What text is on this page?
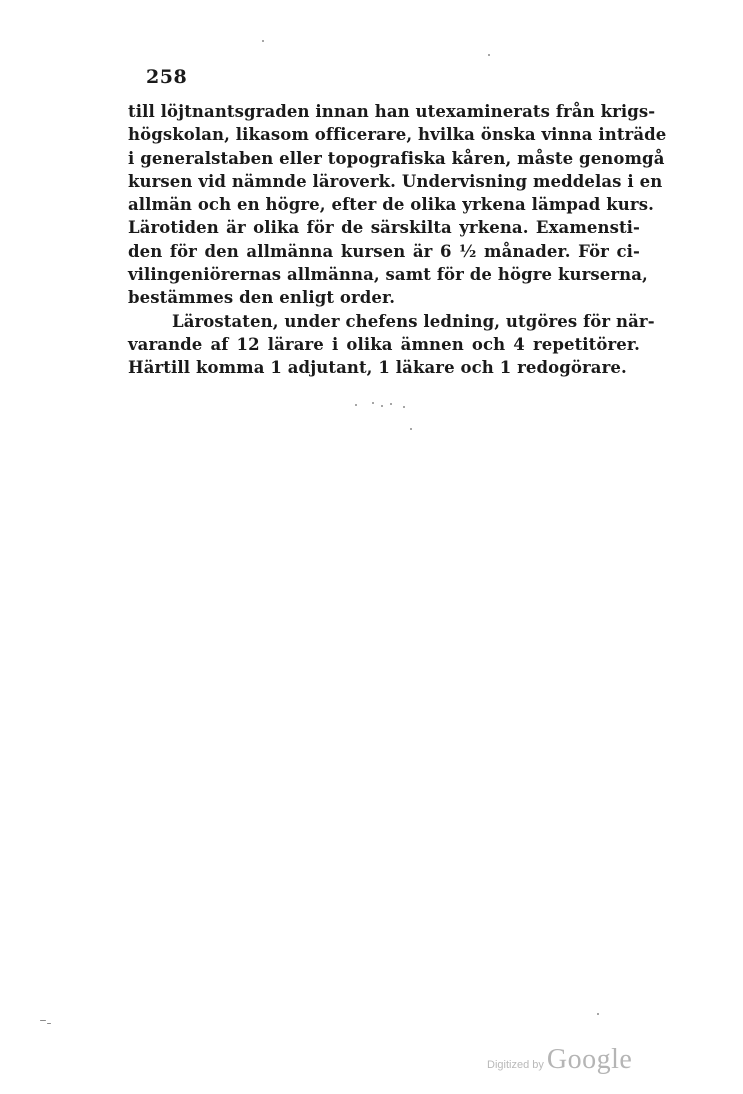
258
till löjtnantsgraden innan han utexaminerats från krigs-
högskolan, likasom officerare, hvilka önska vinna inträde
i generalstaben eller topografiska kåren, måste genomgå
kursen vid nämnde läroverk. Undervisning meddelas i en
allmän och en högre, efter de olika yrkena lämpad kurs.
Lärotiden är olika för de särskilta yrkena. Examensti-
den för den allmänna kursen är 6 ½ månader. För ci-
vilingeniörernas allmänna, samt för de högre kurserna,
bestämmes den enligt order.
Lärostaten, under chefens ledning, utgöres för när-
varande af 12 lärare i olika ämnen och 4 repetitörer.
Härtill komma 1 adjutant, 1 läkare och 1 redogörare.
Digitized by Google
